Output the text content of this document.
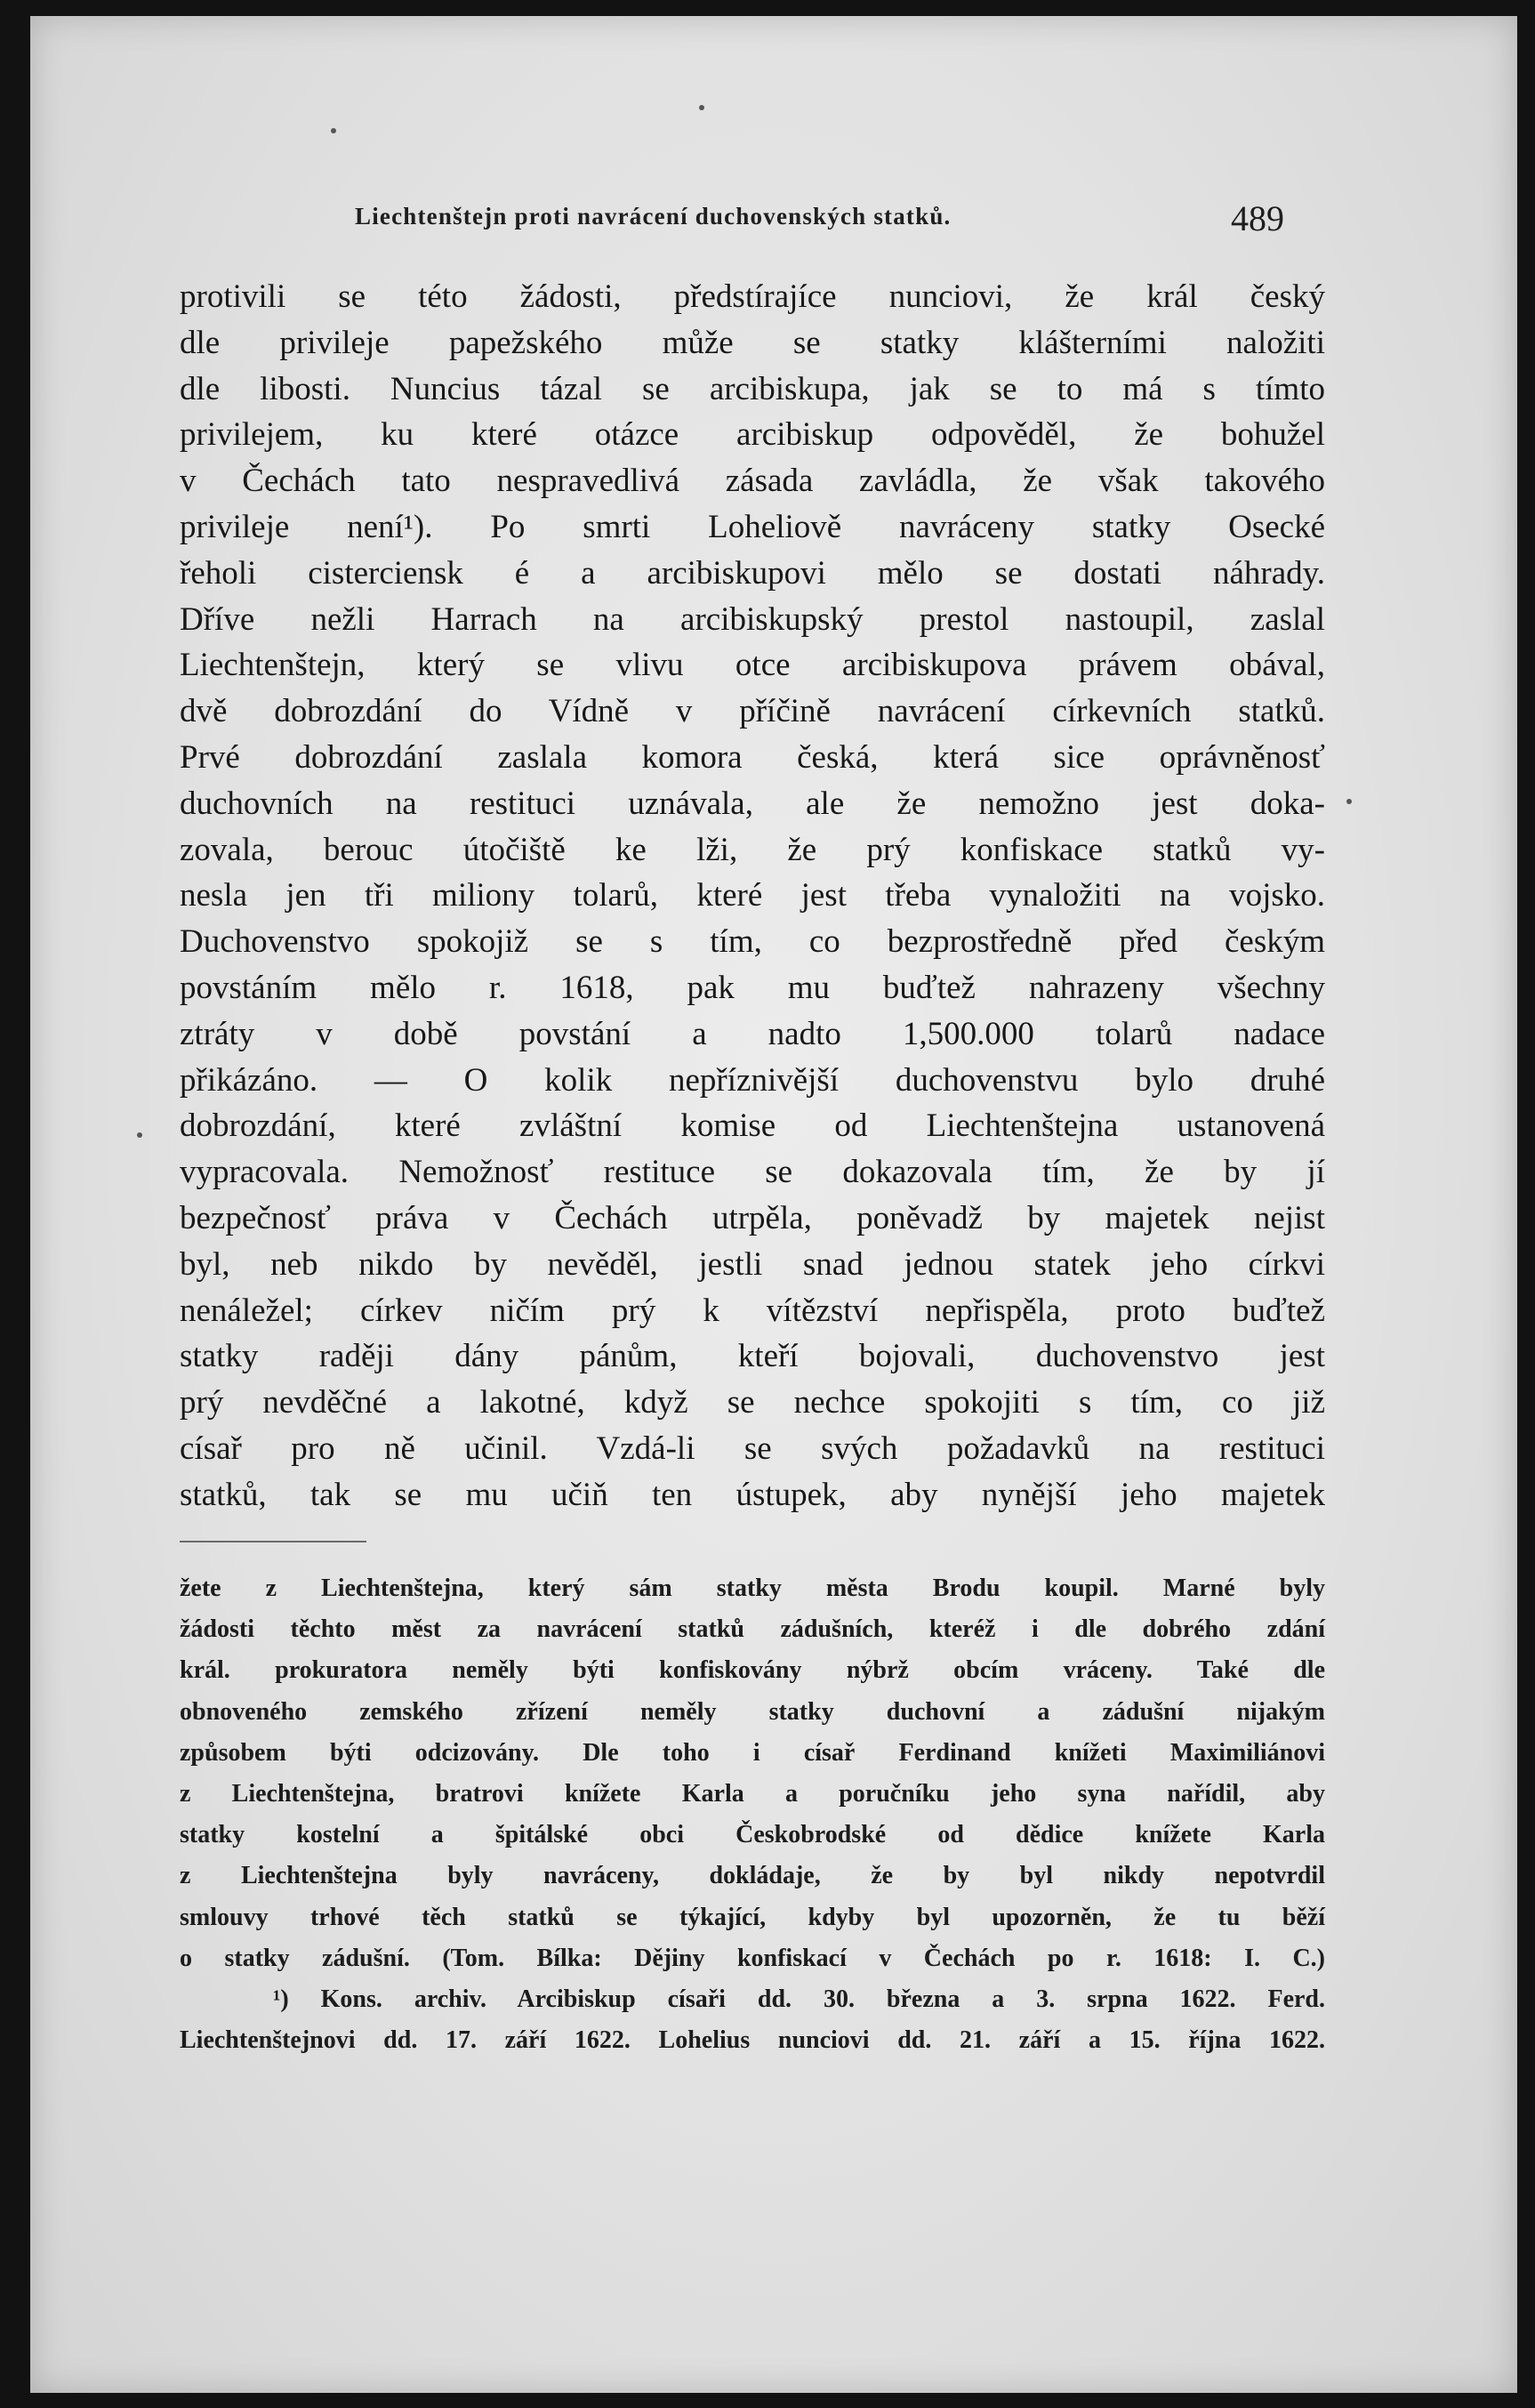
Liechtenštejn proti navrácení duchovenských statků.	489
protivili se této žádosti, předstírajíce nunciovi, že král český
dle privileje papežského může se statky klášterními naložiti
dle libosti. Nuncius tázal se arcibiskupa, jak se to má s tímto
privilejem, ku které otázce arcibiskup odpověděl, že bohužel
v Čechách tato nespravedlivá zásada zavládla, že však takového
privileje není¹). Po smrti Loheliově navráceny statky Osecké
řeholi cisterciensk é a arcibiskupovi mělo se dostati náhrady.
Dříve nežli Harrach na arcibiskupský prestol nastoupil, zaslal
Liechtenštejn, který se vlivu otce arcibiskupova právem obával,
dvě dobrozdání do Vídně v příčině navrácení církevních statků.
Prvé dobrozdání zaslala komora česká, která sice oprávněnosť
duchovních na restituci uznávala, ale že nemožno jest doka-
zovala, berouc útočiště ke lži, že prý konfiskace statků vy-
nesla jen tři miliony tolarů, které jest třeba vynaložiti na vojsko.
Duchovenstvo spokojiž se s tím, co bezprostředně před českým
povstáním mělo r. 1618, pak mu buďtež nahrazeny všechny
ztráty v době povstání a nadto 1,500.000 tolarů nadace
přikázáno. — O kolik nepříznivější duchovenstvu bylo druhé
dobrozdání, které zvláštní komise od Liechtenštejna ustanovená
vypracovala. Nemožnosť restituce se dokazovala tím, že by jí
bezpečnosť práva v Čechách utrpěla, poněvadž by majetek nejist
byl, neb nikdo by nevěděl, jestli snad jednou statek jeho církvi
nenáležel; církev ničím prý k vítězství nepřispěla, proto buďtež
statky raději dány pánům, kteří bojovali, duchovenstvo jest
prý nevděčné a lakotné, když se nechce spokojiti s tím, co již
císař pro ně učinil. Vzdá-li se svých požadavků na restituci
statků, tak se mu učiň ten ústupek, aby nynější jeho majetek
žete z Liechtenštejna, který sám statky města Brodu koupil. Marné byly
žádosti těchto měst za navrácení statků zádušních, kteréž i dle dobrého zdání
král. prokuratora neměly býti konfiskovány nýbrž obcím vráceny. Také dle
obnoveného zemského zřízení neměly statky duchovní a zádušní nijakým
způsobem býti odcizovány. Dle toho i císař Ferdinand knížeti Maximiliánovi
z Liechtenštejna, bratrovi knížete Karla a poručníku jeho syna nařídil, aby
statky kostelní a špitálské obci Českobrodské od dědice knížete Karla
z Liechtenštejna byly navráceny, dokládaje, že by byl nikdy nepotvrdil
smlouvy trhové těch statků se týkající, kdyby byl upozorněn, že tu běží
o statky zádušní. (Tom. Bílka: Dějiny konfiskací v Čechách po r. 1618: I. C.)
¹) Kons. archiv. Arcibiskup císaři dd. 30. března a 3. srpna 1622. Ferd.
Liechtenštejnovi dd. 17. září 1622. Lohelius nunciovi dd. 21. září a 15. října 1622.
